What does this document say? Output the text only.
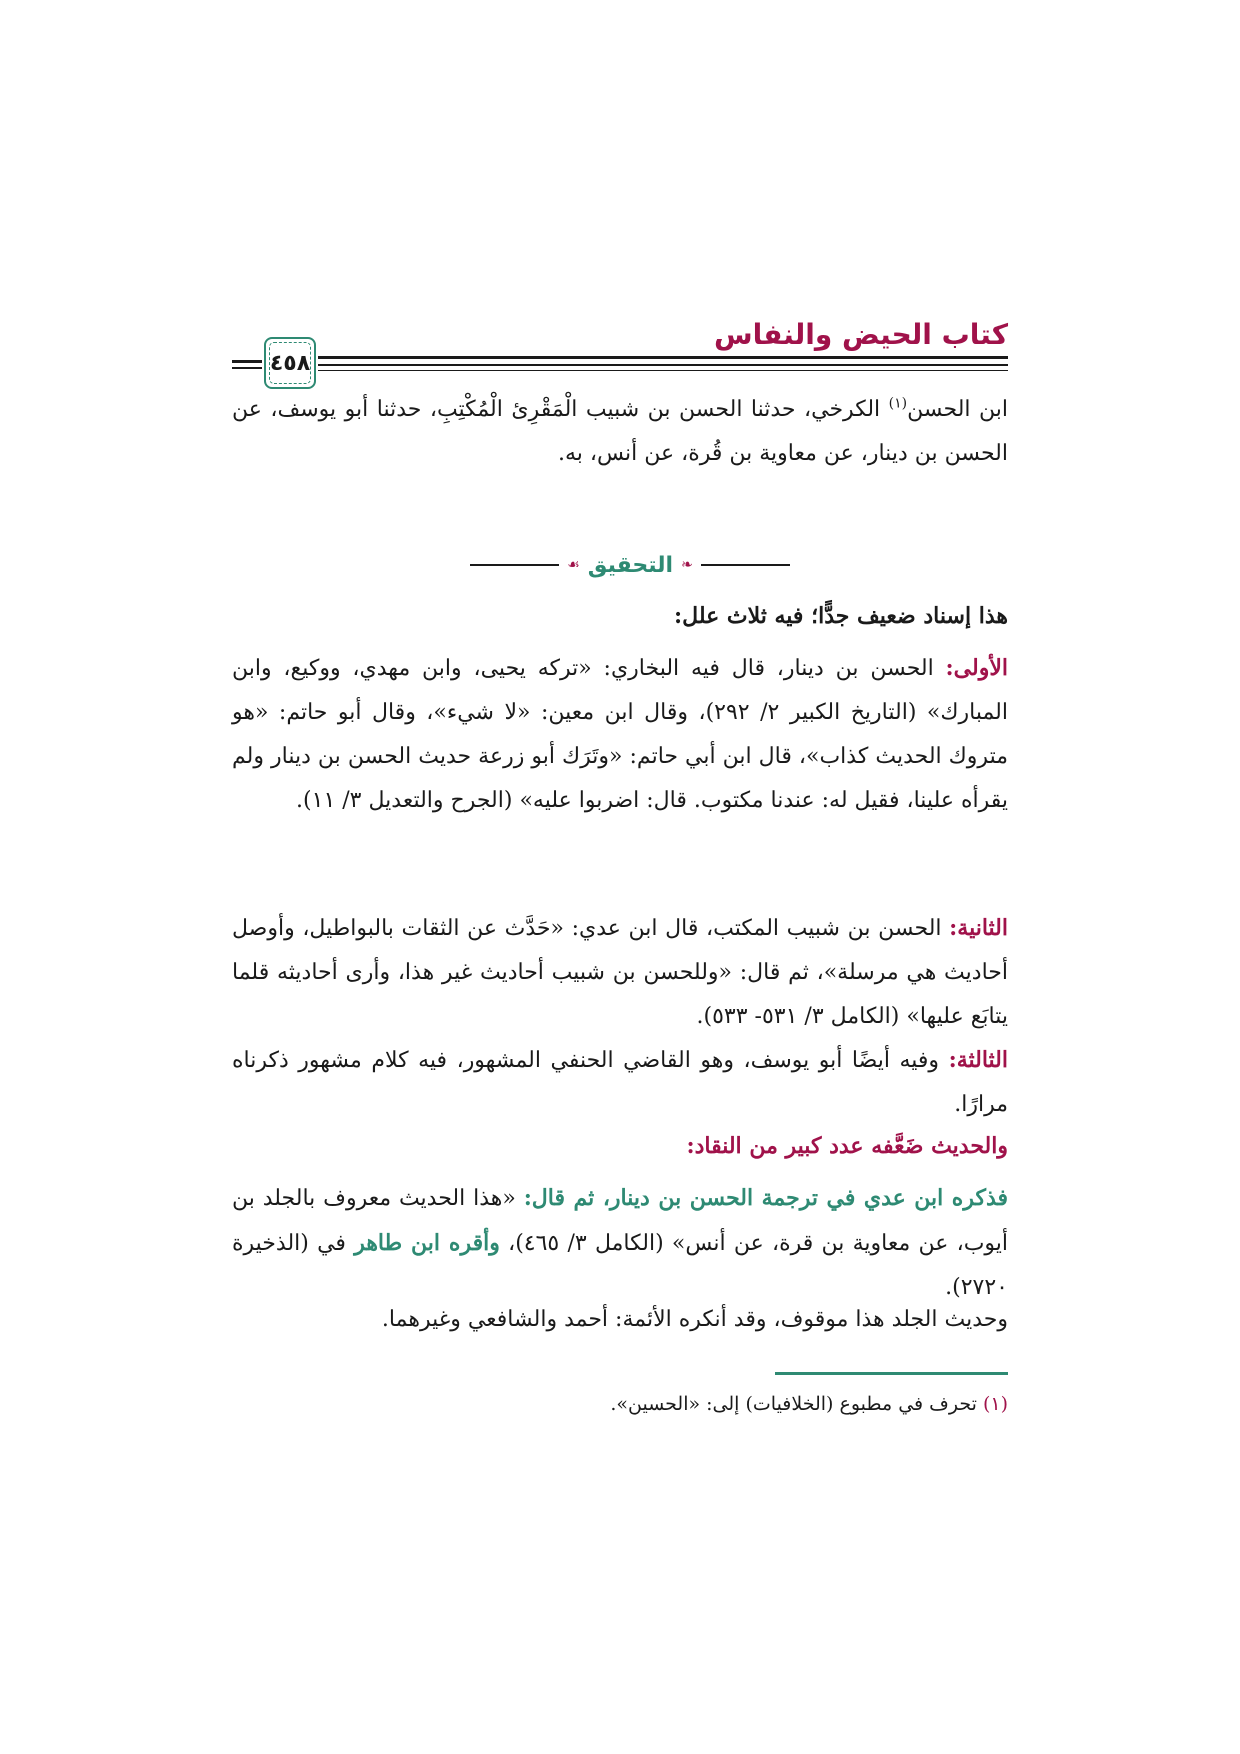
كتاب الحيض والنفاس
٤٥٨
ابن الحسن$^{(١)}$ الكرخي، حدثنا الحسن بن شبيب الْمَقْرِئ الْمُكْتِبِ، حدثنا أبو يوسف، عن الحسن بن دينار، عن معاوية بن قُرة، عن أنس، به.
❧
التحقيق
☙
هذا إسناد ضعيف جدًّا؛ فيه ثلاث علل:
الأولى: الحسن بن دينار، قال فيه البخاري: «تركه يحيى، وابن مهدي، ووكيع، وابن المبارك» (التاريخ الكبير ٢/ ٢٩٢)، وقال ابن معين: «لا شيء»، وقال أبو حاتم: «هو متروك الحديث كذاب»، قال ابن أبي حاتم: «وتَرَك أبو زرعة حديث الحسن بن دينار ولم يقرأه علينا، فقيل له: عندنا مكتوب. قال: اضربوا عليه» (الجرح والتعديل ٣/ ١١).
الثانية: الحسن بن شبيب المكتب، قال ابن عدي: «حَدَّث عن الثقات بالبواطيل، وأوصل أحاديث هي مرسلة»، ثم قال: «وللحسن بن شبيب أحاديث غير هذا، وأرى أحاديثه قلما يتابَع عليها» (الكامل ٣/ ٥٣١- ٥٣٣).
الثالثة: وفيه أيضًا أبو يوسف، وهو القاضي الحنفي المشهور، فيه كلام مشهور ذكرناه مرارًا.
والحديث ضَعَّفه عدد كبير من النقاد:
فذكره ابن عدي في ترجمة الحسن بن دينار، ثم قال: «هذا الحديث معروف بالجلد بن أيوب، عن معاوية بن قرة، عن أنس» (الكامل ٣/ ٤٦٥)، وأقره ابن طاهر في (الذخيرة ٢٧٢٠).
وحديث الجلد هذا موقوف، وقد أنكره الأئمة: أحمد والشافعي وغيرهما.
(١) تحرف في مطبوع (الخلافيات) إلى: «الحسين».
